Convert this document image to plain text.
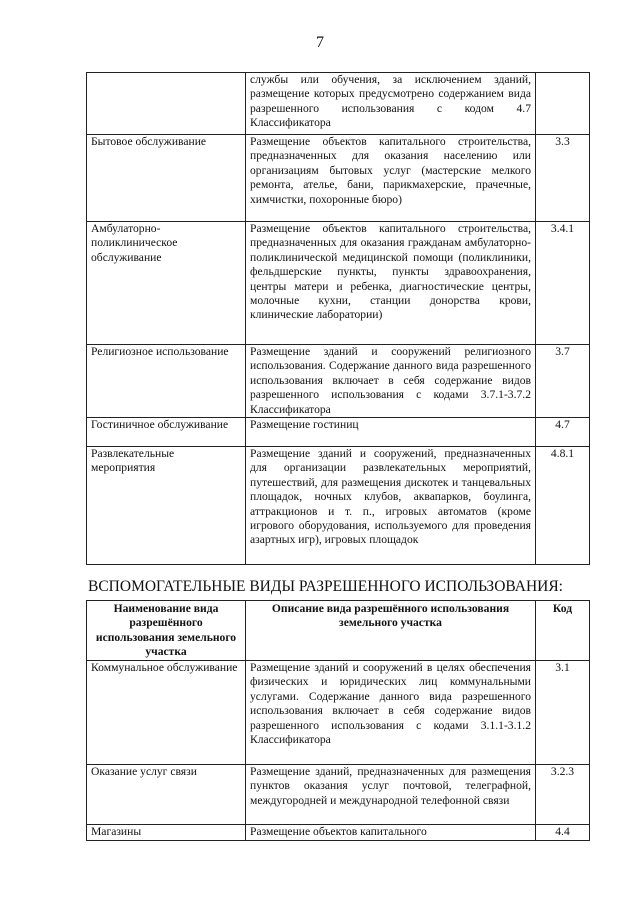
7
	службы или обучения, за исключением зданий, размещение которых предусмотрено содержанием вида разрешенного использования с кодом 4.7 Классификатора	
Бытовое обслуживание	Размещение объектов капитального строительства, предназначенных для оказания населению или организациям бытовых услуг (мастерские мелкого ремонта, ателье, бани, парикмахерские, прачечные, химчистки, похоронные бюро)	3.3
Амбулаторно-поликлиническое обслуживание	Размещение объектов капитального строительства, предназначенных для оказания гражданам амбулаторно-поликлинической медицинской помощи (поликлиники, фельдшерские пункты, пункты здравоохранения, центры матери и ребенка, диагностические центры, молочные кухни, станции донорства крови, клинические лаборатории)	3.4.1
Религиозное использование	Размещение зданий и сооружений религиозного использования. Содержание данного вида разрешенного использования включает в себя содержание видов разрешенного использования с кодами 3.7.1-3.7.2 Классификатора	3.7
Гостиничное обслуживание	Размещение гостиниц	4.7
Развлекательные мероприятия	Размещение зданий и сооружений, предназначенных для организации развлекательных мероприятий, путешествий, для размещения дискотек и танцевальных площадок, ночных клубов, аквапарков, боулинга, аттракционов и т. п., игровых автоматов (кроме игрового оборудования, используемого для проведения азартных игр), игровых площадок	4.8.1
ВСПОМОГАТЕЛЬНЫЕ ВИДЫ РАЗРЕШЕННОГО ИСПОЛЬЗОВАНИЯ:
Наименование вида разрешённого использования земельного участка	Описание вида разрешённого использования земельного участка	Код
Коммунальное обслуживание	Размещение зданий и сооружений в целях обеспечения физических и юридических лиц коммунальными услугами. Содержание данного вида разрешенного использования включает в себя содержание видов разрешенного использования с кодами 3.1.1-3.1.2 Классификатора	3.1
Оказание услуг связи	Размещение зданий, предназначенных для размещения пунктов оказания услуг почтовой, телеграфной, междугородней и международной телефонной связи	3.2.3
Магазины	Размещение объектов капитального	4.4
